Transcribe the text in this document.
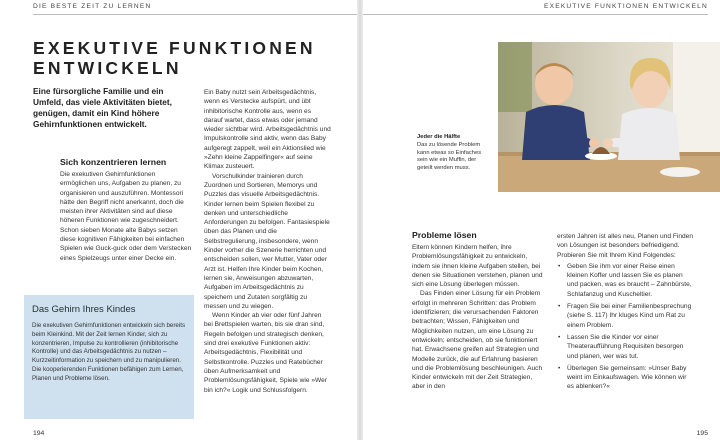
DIE BESTE ZEIT ZU LERNEN
EXEKUTIVE FUNKTIONEN
ENTWICKELN
Eine fürsorgliche Familie und ein Umfeld, das viele Aktivitäten bietet, genügen, damit ein Kind höhere Gehirnfunktionen entwickelt.
Sich konzentrieren lernen

Die exekutiven Gehirnfunktionen ermöglichen uns, Aufgaben zu planen, zu organisieren und auszuführen. Montessori hätte den Begriff nicht anerkannt, doch die meisten ihrer Aktivitäten sind auf diese höheren Funktionen wie zugeschneidert. Schon sieben Monate alte Babys setzen diese kognitiven Fähigkeiten bei einfachen Spielen wie Guck-guck oder dem Verstecken eines Spielzeugs unter einer Decke ein.

Das Gehirn Ihres Kindes
Die exekutiven Gehirnfunktionen entwickeln sich bereits beim Kleinkind. Mit der Zeit lernen Kinder, sich zu konzentrieren, Impulse zu kontrollieren (inhibitorische Kontrolle) und das Arbeitsgedächtnis zu nutzen – Kurzzeitinformation zu speichern und zu manipulieren. Die kooperierenden Funktionen befähigen zum Lernen, Planen und Probleme lösen.

Ein Baby nutzt sein Arbeitsgedächtnis, wenn es Verstecke aufspürt, und übt inhibitorische Kontrolle aus, wenn es darauf wartet, dass etwas oder jemand wieder sichtbar wird. Arbeitsgedächtnis und Impulskontrolle sind aktiv, wenn das Baby aufgeregt zappelt, weil ein Aktionslied wie »Zehn kleine Zappelfinger« auf seine Klimax zusteuert.

Vorschulkinder trainieren durch Zuordnen und Sortieren, Memorys und Puzzles das visuelle Arbeitsgedächtnis. Kinder lernen beim Spielen flexibel zu denken und unterschiedliche Anforderungen zu befolgen. Fantasiespiele üben das Planen und die Selbstregulierung, insbesondere, wenn Kinder vorher die Szenerie herrichten und entscheiden sollen, wer Mutter, Vater oder Arzt ist. Helfen Ihre Kinder beim Kochen, lernen sie, Anweisungen abzuwarten, Aufgaben im Arbeitsgedächtnis zu speichern und Zutaten sorgfältig zu messen und zu wiegen.

Wenn Kinder ab vier oder fünf Jahren bei Brettspielen warten, bis sie dran sind, Regeln befolgen und strategisch denken, sind drei exekutive Funktionen aktiv: Arbeitsgedächtnis, Flexibilität und Selbstkontrolle. Puzzles und Ratebücher üben Aufmerksamkeit und Problemlösungsfähigkeit, Spiele wie »Wer bin ich?« Logik und Schlussfolgern.

194
EXEKUTIVE FUNKTIONEN ENTWICKELN
Jeder die Hälfte
Das zu lösende Problem kann etwas so Einfaches sein wie ein Muffin, der geteilt werden muss.
Probleme lösen

Eltern können Kindern helfen, ihre Problemlösungsfähigkeit zu entwickeln, indem sie ihnen kleine Aufgaben stellen, bei denen sie Situationen verstehen, planen und sich eine Lösung überlegen müssen.

Das Finden einer Lösung für ein Problem erfolgt in mehreren Schritten: das Problem identifizieren; die verursachenden Faktoren betrachten; Wissen, Fähigkeiten und Möglichkeiten nutzen, um eine Lösung zu entwickeln; entscheiden, ob sie funktioniert hat. Erwachsene greifen auf Strategien und Modelle zurück, die auf Erfahrung basieren und die Problemlösung beschleunigen. Auch Kinder entwickeln mit der Zeit Strategien, aber in den

ersten Jahren ist alles neu, Planen und Finden von Lösungen ist besonders befriedigend. Probieren Sie mit Ihrem Kind Folgendes:

• Geben Sie ihm vor einer Reise einen kleinen Koffer und lassen Sie es planen und packen, was es braucht – Zahnbürste, Schlafanzug und Kuscheltier.
• Fragen Sie bei einer Familienbesprechung (siehe S. 117) Ihr kluges Kind um Rat zu einem Problem.
• Lassen Sie die Kinder vor einer Theateraufführung Requisiten besorgen und planen, wer was tut.
• Überlegen Sie gemeinsam: »Unser Baby weint im Einkaufswagen. Wie können wir es ablenken?«
195
